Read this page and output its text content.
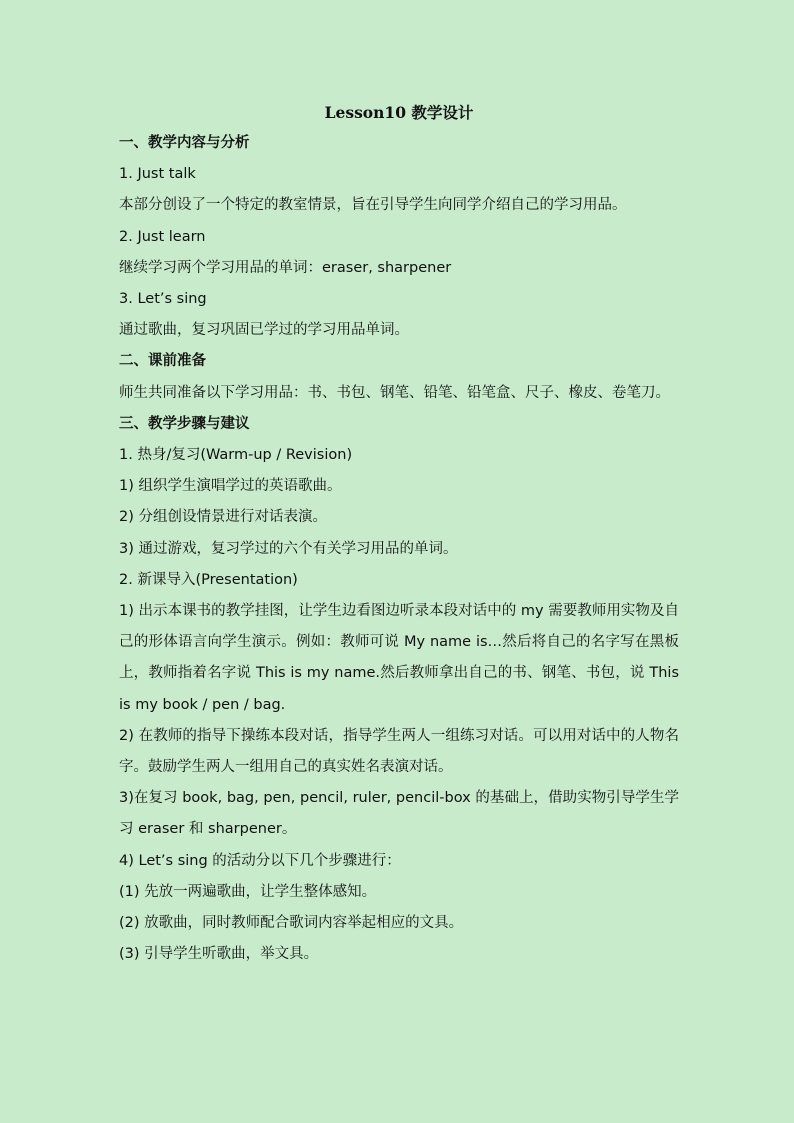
Lesson10 教学设计

一、教学内容与分析

1. Just talk

本部分创设了一个特定的教室情景，旨在引导学生向同学介绍自己的学习用品。

2. Just learn

继续学习两个学习用品的单词：eraser, sharpener

3. Let’s sing

通过歌曲，复习巩固已学过的学习用品单词。

二、课前准备

师生共同准备以下学习用品：书、书包、钢笔、铅笔、铅笔盒、尺子、橡皮、卷笔刀。

三、教学步骤与建议

1. 热身/复习(Warm-up / Revision)

1) 组织学生演唱学过的英语歌曲。

2) 分组创设情景进行对话表演。

3) 通过游戏，复习学过的六个有关学习用品的单词。

2. 新课导入(Presentation)

1) 出示本课书的教学挂图，让学生边看图边听录本段对话中的 my 需要教师用实物及自己的形体语言向学生演示。例如：教师可说 My name is…然后将自己的名字写在黑板上，教师指着名字说 This is my name.然后教师拿出自己的书、钢笔、书包，说 This is my book / pen / bag.

2) 在教师的指导下操练本段对话，指导学生两人一组练习对话。可以用对话中的人物名字。鼓励学生两人一组用自己的真实姓名表演对话。

3)在复习 book, bag, pen, pencil, ruler, pencil-box 的基础上，借助实物引导学生学习 eraser 和 sharpener。

4) Let’s sing 的活动分以下几个步骤进行：

(1) 先放一两遍歌曲，让学生整体感知。

(2) 放歌曲，同时教师配合歌词内容举起相应的文具。

(3) 引导学生听歌曲，举文具。
